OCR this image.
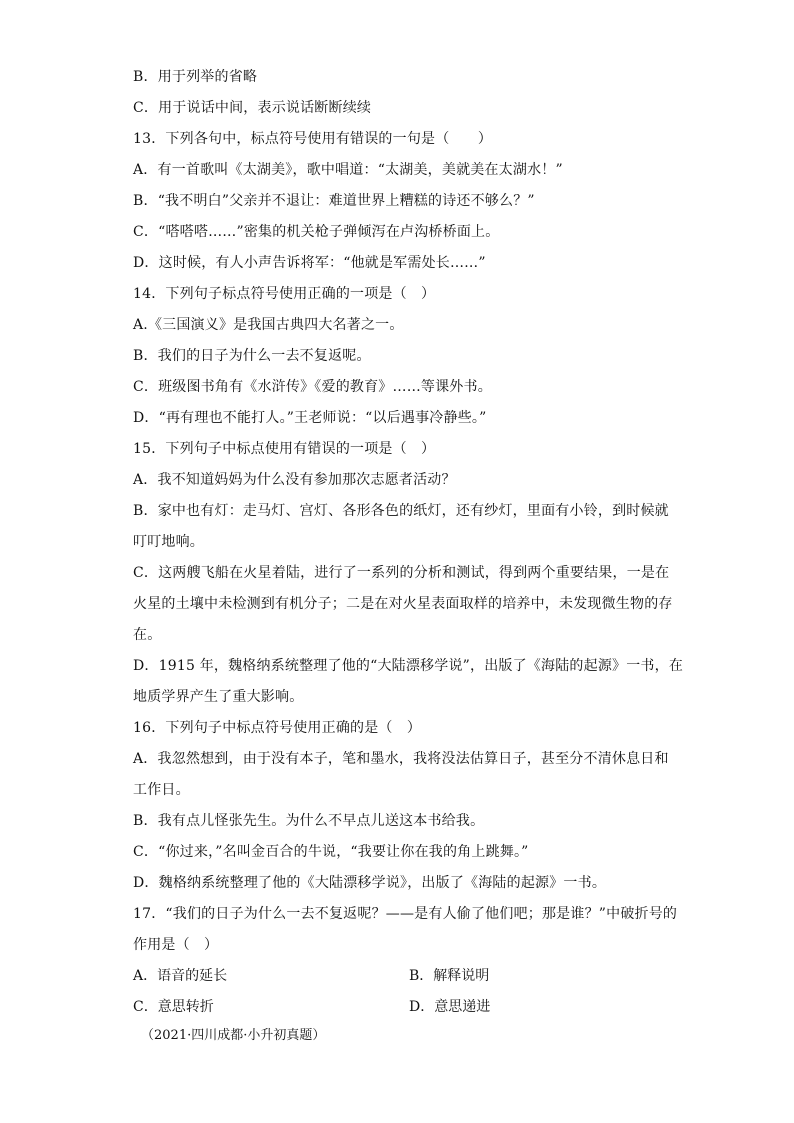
B．用于列举的省略
C．用于说话中间，表示说话断断续续
13．下列各句中，标点符号使用有错误的一句是（　　）
A．有一首歌叫《太湖美》，歌中唱道：“太湖美，美就美在太湖水！”
B．“我不明白”父亲并不退让：难道世界上糟糕的诗还不够么？”
C．“嗒嗒嗒……”密集的机关枪子弹倾泻在卢沟桥桥面上。
D．这时候，有人小声告诉将军：“他就是军需处长……”
14．下列句子标点符号使用正确的一项是（　）
A.《三国演义》是我国古典四大名著之一。
B．我们的日子为什么一去不复返呢。
C．班级图书角有《水浒传》《爱的教育》……等课外书。
D．“再有理也不能打人。”王老师说：“以后遇事冷静些。”
15．下列句子中标点使用有错误的一项是（　）
A．我不知道妈妈为什么没有参加那次志愿者活动？
B．家中也有灯：走马灯、宫灯、各形各色的纸灯，还有纱灯，里面有小铃，到时候就
叮叮地响。
C．这两艘飞船在火星着陆，进行了一系列的分析和测试，得到两个重要结果，一是在
火星的土壤中未检测到有机分子；二是在对火星表面取样的培养中，未发现微生物的存
在。
D．1915 年，魏格纳系统整理了他的“大陆漂移学说”，出版了《海陆的起源》一书，在
地质学界产生了重大影响。
16．下列句子中标点符号使用正确的是（　）
A．我忽然想到，由于没有本子，笔和墨水，我将没法估算日子，甚至分不清休息日和
工作日。
B．我有点儿怪张先生。为什么不早点儿送这本书给我。
C．“你过来，”名叫金百合的牛说，“我要让你在我的角上跳舞。”
D．魏格纳系统整理了他的《大陆漂移学说》，出版了《海陆的起源》一书。
17．“我们的日子为什么一去不复返呢？——是有人偷了他们吧；那是谁？”中破折号的
作用是（　）
A．语音的延长	B．解释说明
C．意思转折	D．意思递进
（2021·四川成都·小升初真题）
